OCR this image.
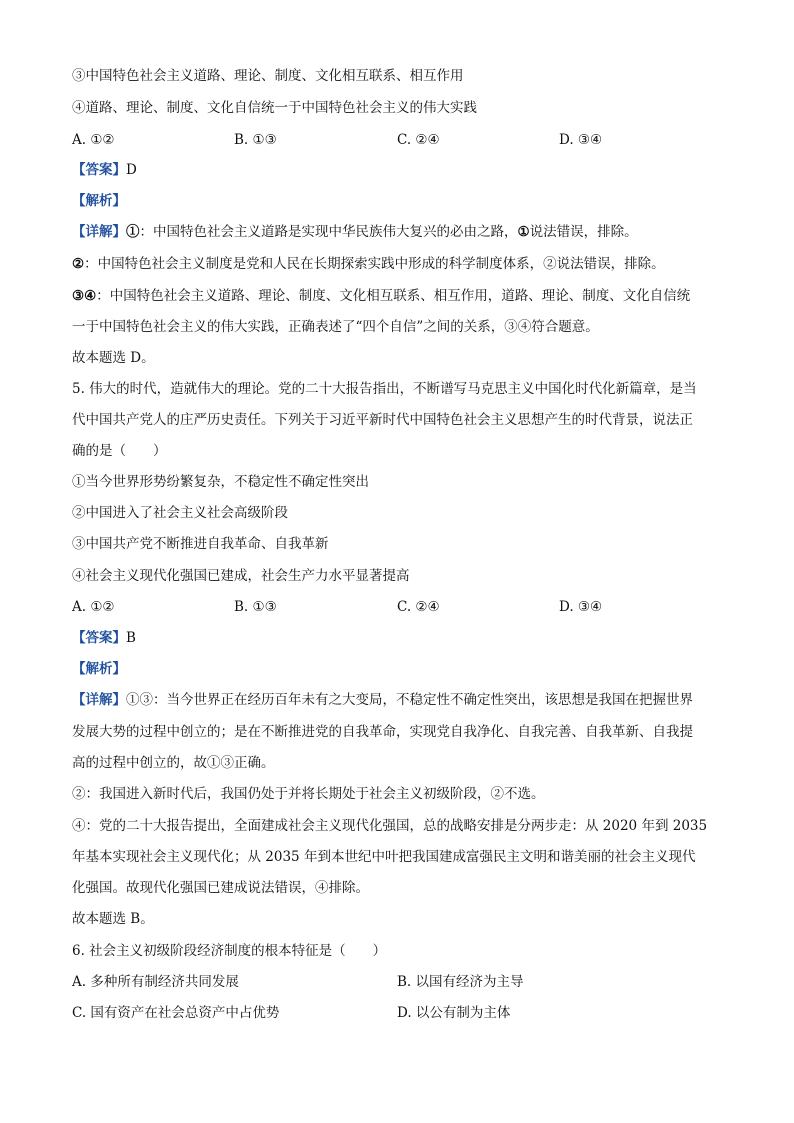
③中国特色社会主义道路、理论、制度、文化相互联系、相互作用
④道路、理论、制度、文化自信统一于中国特色社会主义的伟大实践
A. ①②	B. ①③	C. ②④	D. ③④
【答案】D
【解析】
【详解】①：中国特色社会主义道路是实现中华民族伟大复兴的必由之路，①说法错误，排除。
②：中国特色社会主义制度是党和人民在长期探索实践中形成的科学制度体系，②说法错误，排除。
③④：中国特色社会主义道路、理论、制度、文化相互联系、相互作用，道路、理论、制度、文化自信统
一于中国特色社会主义的伟大实践，正确表述了“四个自信”之间的关系，③④符合题意。
故本题选 D。
5. 伟大的时代，造就伟大的理论。党的二十大报告指出，不断谱写马克思主义中国化时代化新篇章，是当
代中国共产党人的庄严历史责任。下列关于习近平新时代中国特色社会主义思想产生的时代背景，说法正
确的是（　　）
①当今世界形势纷繁复杂，不稳定性不确定性突出
②中国进入了社会主义社会高级阶段
③中国共产党不断推进自我革命、自我革新
④社会主义现代化强国已建成，社会生产力水平显著提高
A. ①②	B. ①③	C. ②④	D. ③④
【答案】B
【解析】
【详解】①③：当今世界正在经历百年未有之大变局，不稳定性不确定性突出，该思想是我国在把握世界
发展大势的过程中创立的；是在不断推进党的自我革命，实现党自我净化、自我完善、自我革新、自我提
高的过程中创立的，故①③正确。
②：我国进入新时代后，我国仍处于并将长期处于社会主义初级阶段，②不选。
④：党的二十大报告提出，全面建成社会主义现代化强国，总的战略安排是分两步走：从 2020 年到 2035
年基本实现社会主义现代化；从 2035 年到本世纪中叶把我国建成富强民主文明和谐美丽的社会主义现代
化强国。故现代化强国已建成说法错误，④排除。
故本题选 B。
6. 社会主义初级阶段经济制度的根本特征是（　　）
A. 多种所有制经济共同发展	B. 以国有经济为主导
C. 国有资产在社会总资产中占优势	D. 以公有制为主体
